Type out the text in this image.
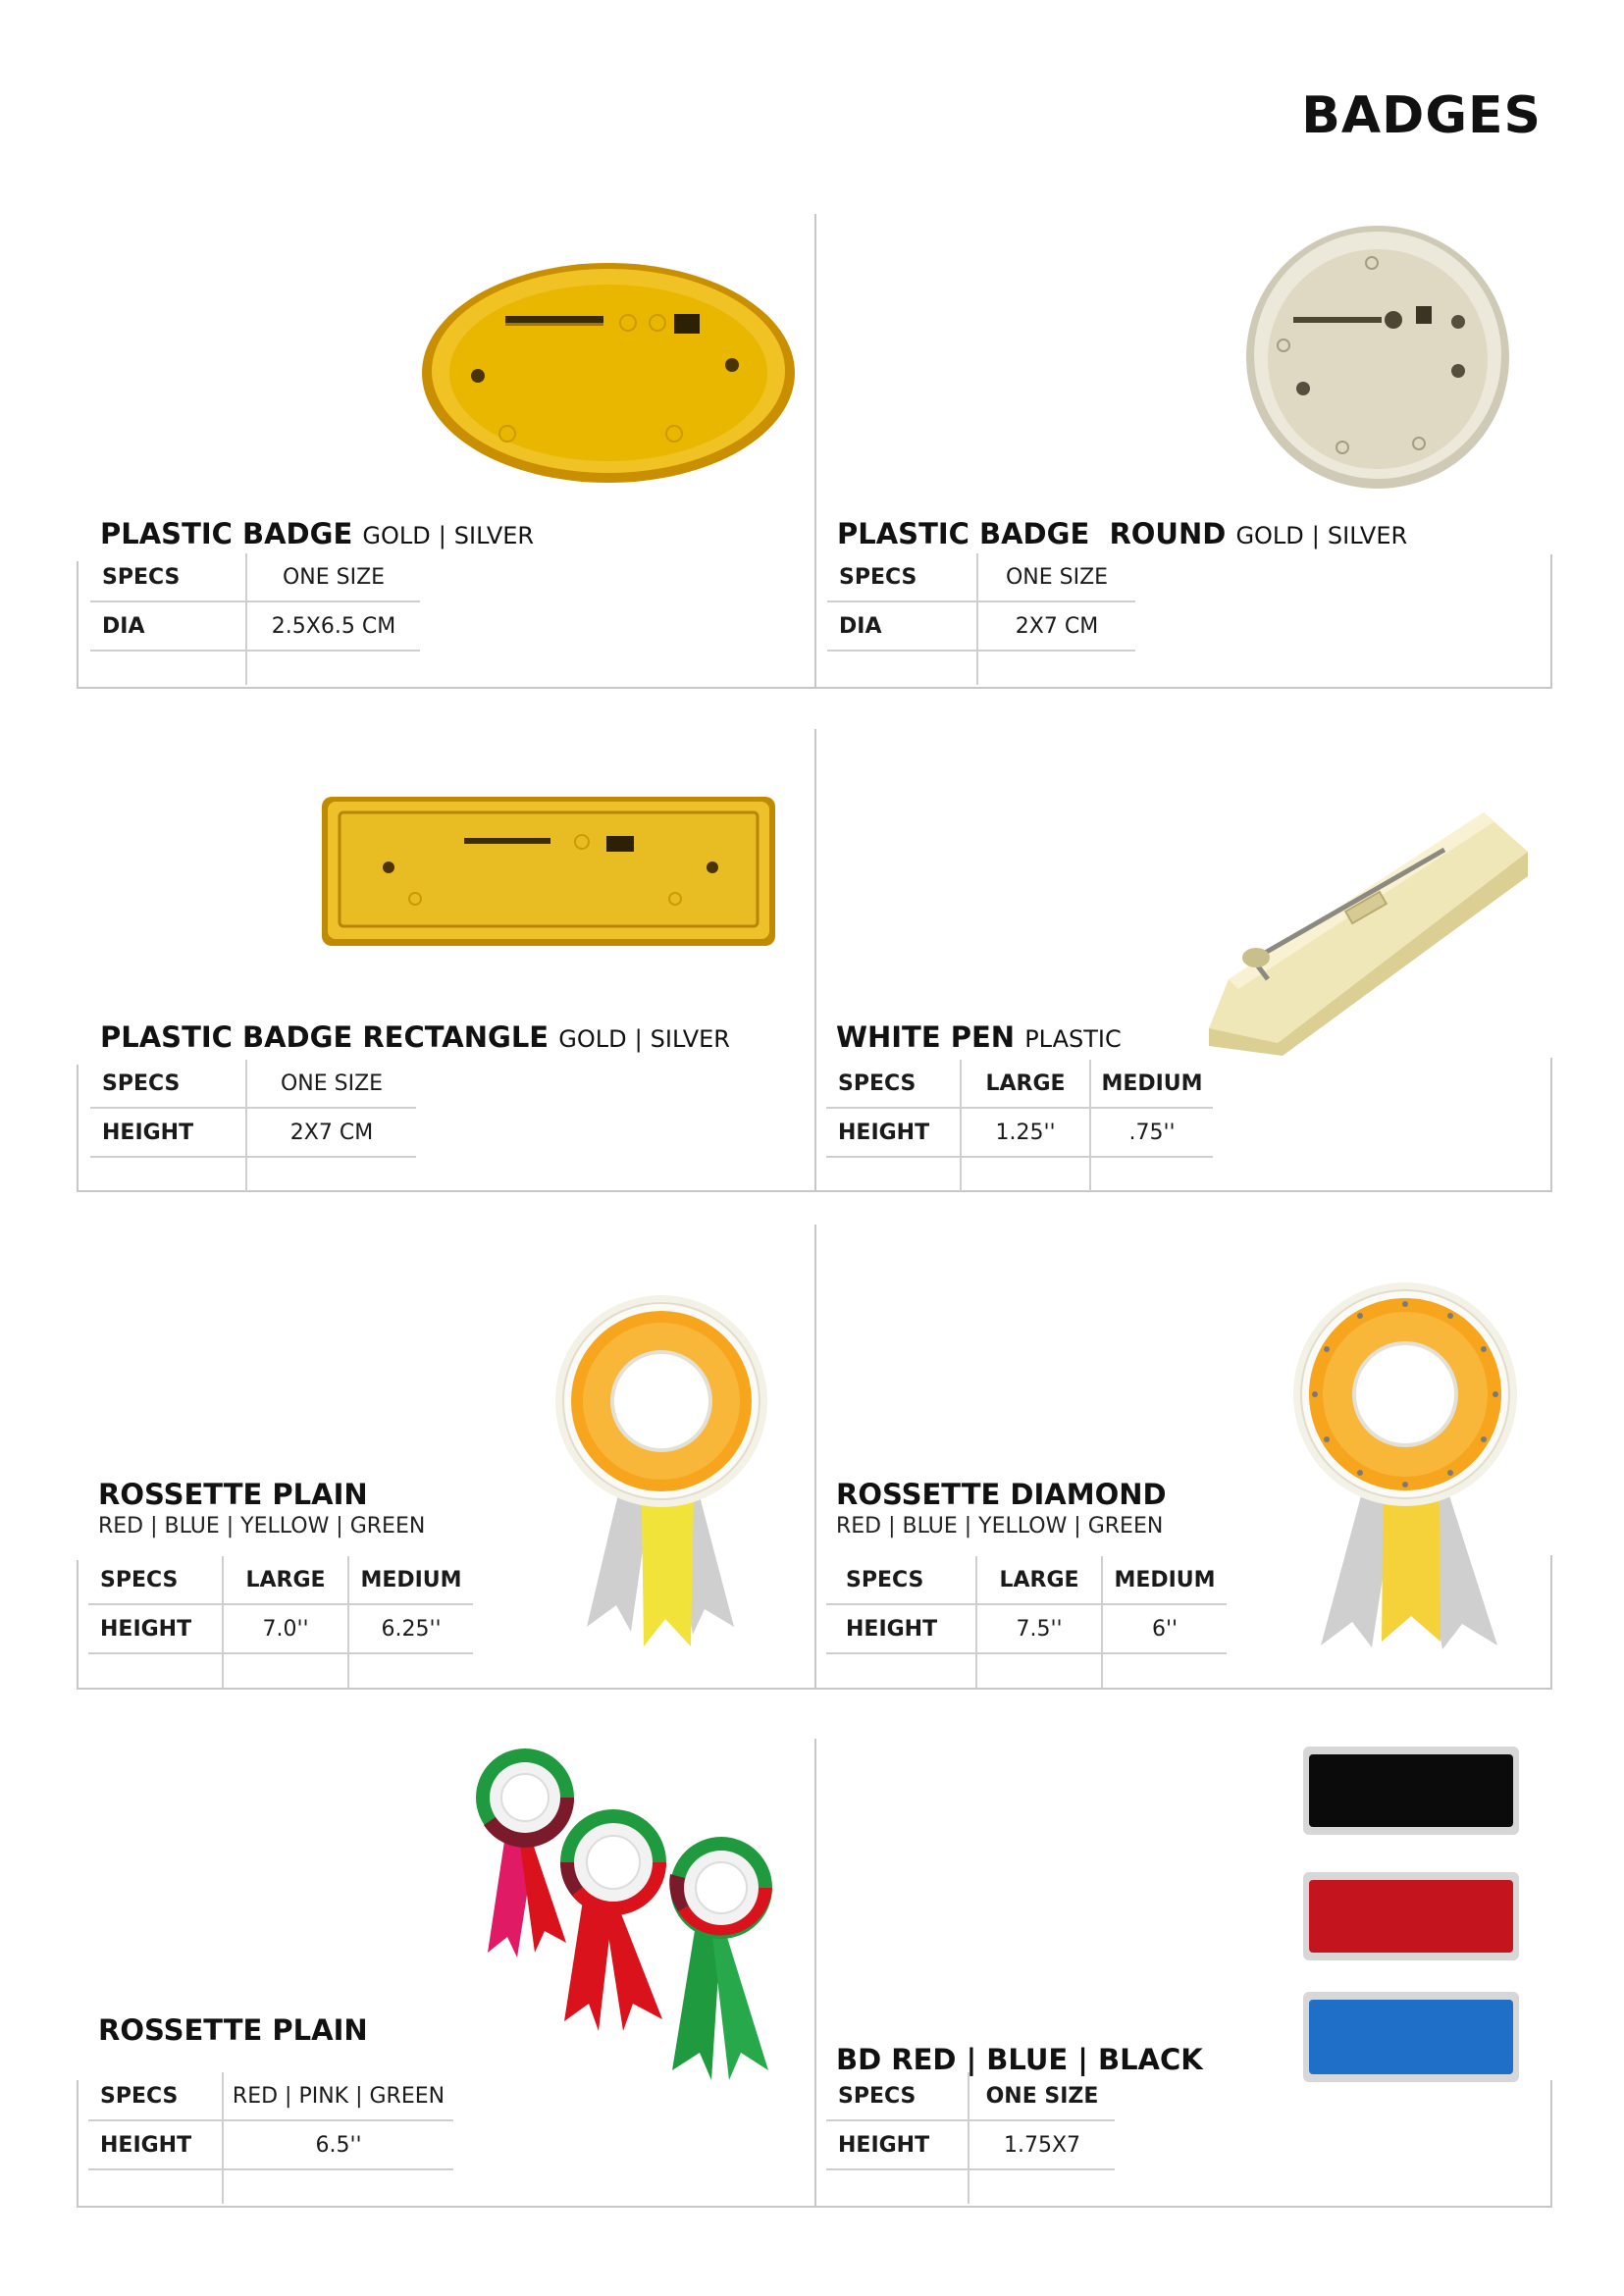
BADGES
PLASTIC BADGE GOLD | SILVER
SPECS	ONE SIZE
DIA	2.5X6.5 CM

PLASTIC BADGE  ROUND GOLD | SILVER
SPECS	ONE SIZE
DIA	2X7 CM

PLASTIC BADGE RECTANGLE GOLD | SILVER
SPECS	ONE SIZE
HEIGHT	2X7 CM

WHITE PEN PLASTIC
SPECS	LARGE	MEDIUM
HEIGHT	1.25''	.75''

ROSSETTE PLAIN
RED | BLUE | YELLOW | GREEN
SPECS	LARGE	MEDIUM
HEIGHT	7.0''	6.25''

ROSSETTE DIAMOND
RED | BLUE | YELLOW | GREEN
SPECS	LARGE	MEDIUM
HEIGHT	7.5''	6''

ROSSETTE PLAIN
SPECS	RED | PINK | GREEN
HEIGHT	6.5''

BD RED | BLUE | BLACK
SPECS	ONE SIZE
HEIGHT	1.75X7
